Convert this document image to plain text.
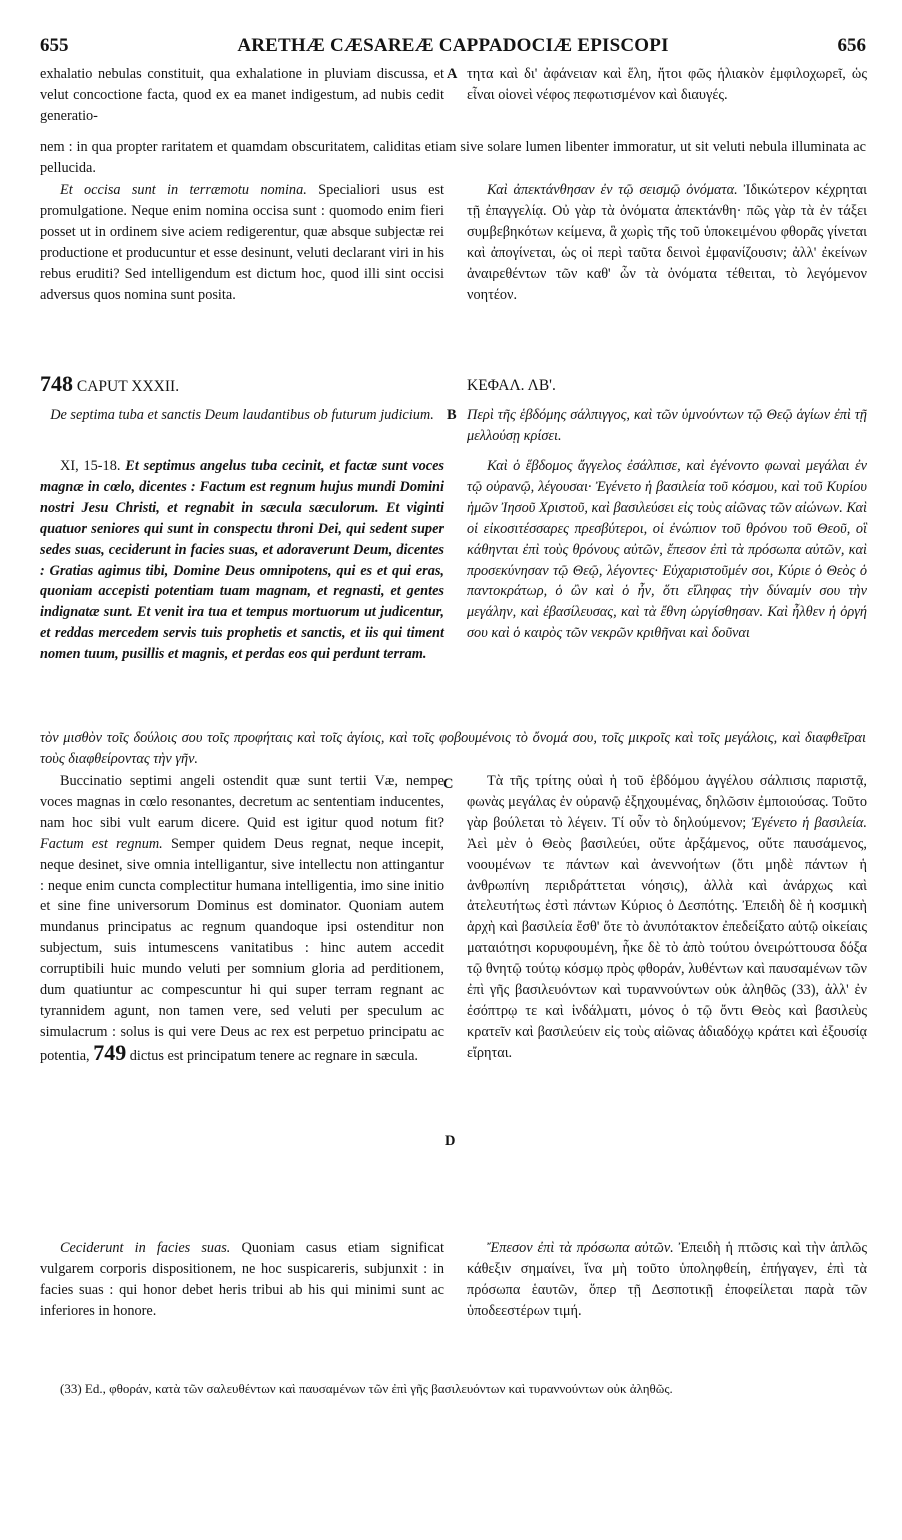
655	ARETHÆ CÆSAREÆ CAPPADOCIÆ EPISCOPI	656

exhalatio nebulas constituit, qua exhalatione in pluviam discussa, et velut concoctione facta, quod ex ea manet indigestum, ad nubis cedit generatio-

τητα καὶ δι' ἀφάνειαν καὶ ἕλη, ἤτοι φῶς ἡλιακὸν ἐμφιλοχωρεῖ, ὡς εἶναι οἱονεὶ νέφος πεφωτισμένον καὶ διαυγές.

A

nem : in qua propter raritatem et quamdam obscuritatem, caliditas etiam sive solare lumen libenter immoratur, ut sit veluti nebula illuminata ac pellucida.

Et occisa sunt in terræmotu nomina. Specialiori usus est promulgatione. Neque enim nomina occisa sunt : quomodo enim fieri posset ut in ordinem sive aciem redigerentur, quæ absque subjectæ rei productione et producuntur et esse desinunt, veluti declarant viri in his rebus eruditi? Sed intelligendum est dictum hoc, quod illi sint occisi adversus quos nomina sunt posita.

Καὶ ἀπεκτάνθησαν ἐν τῷ σεισμῷ ὀνόματα. Ἰδικώτερον κέχρηται τῇ ἐπαγγελίᾳ. Οὐ γὰρ τὰ ὀνόματα ἀπεκτάνθη· πῶς γὰρ τὰ ἐν τάξει συμβεβηκότων κείμενα, ἃ χωρὶς τῆς τοῦ ὑποκειμένου φθορᾶς γίνεται καὶ ἀπογίνεται, ὡς οἱ περὶ ταῦτα δεινοὶ ἐμφανίζουσιν; ἀλλ' ἐκείνων ἀναιρεθέντων τῶν καθ' ὧν τὰ ὀνόματα τέθειται, τὸ λεγόμενον νοητέον.

748 CAPUT XXXII.	ΚΕΦΑΛ. ΛΒ'.

De septima tuba et sanctis Deum laudantibus ob futurum judicium.	Περὶ τῆς ἑβδόμης σάλπιγγος, καὶ τῶν ὑμνούντων τῷ Θεῷ ἁγίων ἐπὶ τῇ μελλούσῃ κρίσει.

B

XI, 15-18. Et septimus angelus tuba cecinit, et factæ sunt voces magnæ in cœlo, dicentes : Factum est regnum hujus mundi Domini nostri Jesu Christi, et regnabit in sæcula sæculorum. Et viginti quatuor seniores qui sunt in conspectu throni Dei, qui sedent super sedes suas, ceciderunt in facies suas, et adoraverunt Deum, dicentes : Gratias agimus tibi, Domine Deus omnipotens, qui es et qui eras, quoniam accepisti potentiam tuam magnam, et regnasti, et gentes indignatæ sunt. Et venit ira tua et tempus mortuorum ut judicentur, et reddas mercedem servis tuis prophetis et sanctis, et iis qui timent nomen tuum, pusillis et magnis, et perdas eos qui perdunt terram.

Καὶ ὁ ἕβδομος ἄγγελος ἐσάλπισε, καὶ ἐγένοντο φωναὶ μεγάλαι ἐν τῷ οὐρανῷ, λέγουσαι· Ἐγένετο ἡ βασιλεία τοῦ κόσμου, καὶ τοῦ Κυρίου ἡμῶν Ἰησοῦ Χριστοῦ, καὶ βασιλεύσει εἰς τοὺς αἰῶνας τῶν αἰώνων. Καὶ οἱ εἰκοσιτέσσαρες πρεσβύτεροι, οἱ ἐνώπιον τοῦ θρόνου τοῦ Θεοῦ, οἳ κάθηνται ἐπὶ τοὺς θρόνους αὐτῶν, ἔπεσον ἐπὶ τὰ πρόσωπα αὐτῶν, καὶ προσεκύνησαν τῷ Θεῷ, λέγοντες· Εὐχαριστοῦμέν σοι, Κύριε ὁ Θεὸς ὁ παντοκράτωρ, ὁ ὢν καὶ ὁ ἦν, ὅτι εἴληφας τὴν δύναμίν σου τὴν μεγάλην, καὶ ἐβασίλευσας, καὶ τὰ ἔθνη ὠργίσθησαν. Καὶ ἦλθεν ἡ ὀργή σου καὶ ὁ καιρὸς τῶν νεκρῶν κριθῆναι καὶ δοῦναι

τὸν μισθὸν τοῖς δούλοις σου τοῖς προφήταις καὶ τοῖς ἁγίοις, καὶ τοῖς φοβουμένοις τὸ ὄνομά σου, τοῖς μικροῖς καὶ τοῖς μεγάλοις, καὶ διαφθεῖραι τοὺς διαφθείροντας τὴν γῆν.

Buccinatio septimi angeli ostendit quæ sunt tertii Væ, nempe voces magnas in cœlo resonantes, decretum ac sententiam inducentes, nam hoc sibi vult earum dicere. Quid est igitur quod notum fit? Factum est regnum. Semper quidem Deus regnat, neque incepit, neque desinet, sive omnia intelligantur, sive intellectu non attingantur : neque enim cuncta complectitur humana intelligentia, imo sine initio et sine fine universorum Dominus est dominator. Quoniam autem mundanus principatus ac regnum quandoque ipsi ostenditur non subjectum, suis intumescens vanitatibus : hinc autem accedit corruptibili huic mundo veluti per somnium gloria ad perditionem, dum quatiuntur ac compescuntur hi qui super terram regnant ac tyrannidem agunt, non tamen vere, sed veluti per speculum ac simulacrum : solus is qui vere Deus ac rex est perpetuo principatu ac potentia, 749 dictus est principatum tenere ac regnare in sæcula.

Τὰ τῆς τρίτης οὐαὶ ἡ τοῦ ἑβδόμου ἀγγέλου σάλπισις παριστᾷ, φωνὰς μεγάλας ἐν οὐρανῷ ἐξηχουμένας, δηλῶσιν ἐμποιούσας. Τοῦτο γὰρ βούλεται τὸ λέγειν. Τί οὖν τὸ δηλούμενον; Ἐγένετο ἡ βασιλεία. Ἀεὶ μὲν ὁ Θεὸς βασιλεύει, οὔτε ἀρξάμενος, οὔτε παυσάμενος, νοουμένων τε πάντων καὶ ἀνεννοήτων (ὅτι μηδὲ πάντων ἡ ἀνθρωπίνη περιδράττεται νόησις), ἀλλὰ καὶ ἀνάρχως καὶ ἀτελευτήτως ἐστὶ πάντων Κύριος ὁ Δεσπότης. Ἐπειδὴ δὲ ἡ κοσμικὴ ἀρχὴ καὶ βασιλεία ἔσθ' ὅτε τὸ ἀνυπότακτον ἐπεδείξατο αὐτῷ οἰκείαις ματαιότησι κορυφουμένη, ἧκε δὲ τὸ ἀπὸ τούτου ὀνειρώττουσα δόξα τῷ θνητῷ τούτῳ κόσμῳ πρὸς φθοράν, λυθέντων καὶ παυσαμένων τῶν ἐπὶ γῆς βασιλευόντων καὶ τυραννούντων οὐκ ἀληθῶς (33), ἀλλ' ἐν ἐσόπτρῳ τε καὶ ἰνδάλματι, μόνος ὁ τῷ ὄντι Θεὸς καὶ βασιλεὺς κρατεῖν καὶ βασιλεύειν εἰς τοὺς αἰῶνας ἀδιαδόχῳ κράτει καὶ ἐξουσίᾳ εἴρηται.

C
D

Ceciderunt in facies suas. Quoniam casus etiam significat vulgarem corporis dispositionem, ne hoc suspicareris, subjunxit : in facies suas : qui honor debet heris tribui ab his qui minimi sunt ac inferiores in honore.

Ἔπεσον ἐπὶ τὰ πρόσωπα αὐτῶν. Ἐπειδὴ ἡ πτῶσις καὶ τὴν ἁπλῶς κάθεξιν σημαίνει, ἵνα μὴ τοῦτο ὑποληφθείη, ἐπήγαγεν, ἐπὶ τὰ πρόσωπα ἑαυτῶν, ὅπερ τῇ Δεσποτικῇ ἐποφείλεται παρὰ τῶν ὑποδεεστέρων τιμή.

(33) Ed., φθοράν, κατὰ τῶν σαλευθέντων καὶ παυσαμένων τῶν ἐπὶ γῆς βασιλευόντων καὶ τυραννούντων οὐκ ἀληθῶς.
